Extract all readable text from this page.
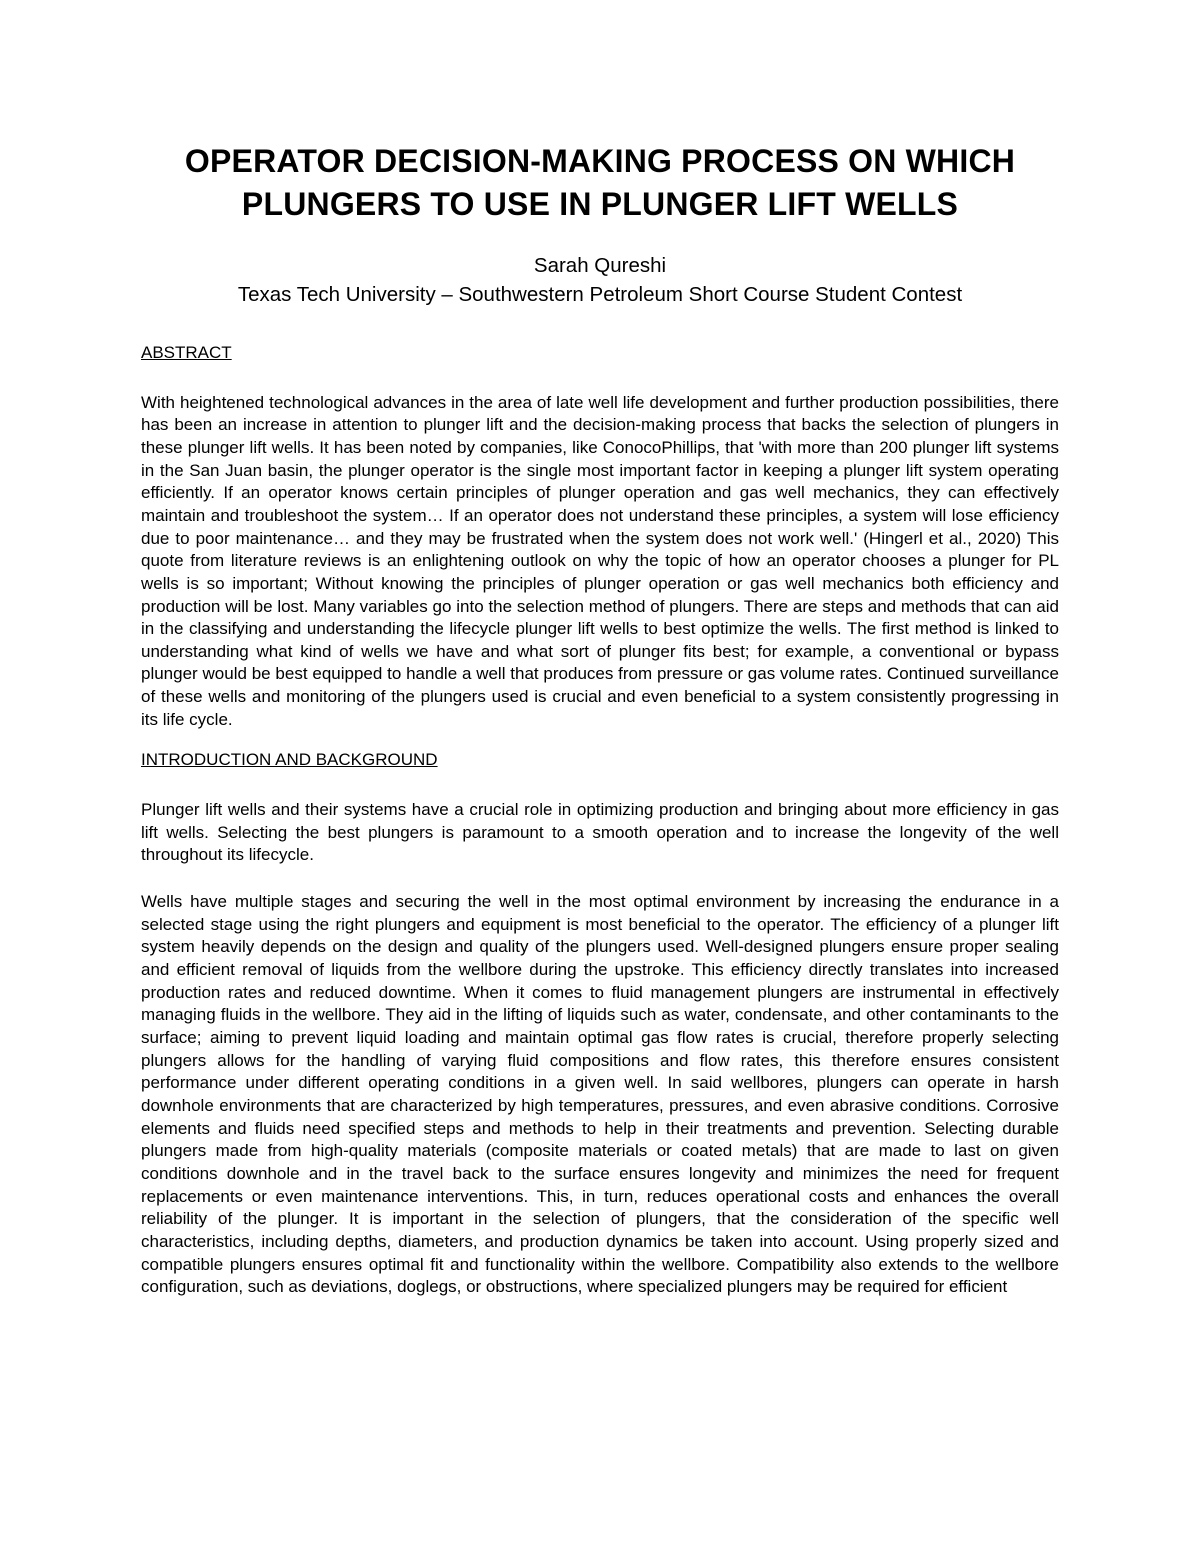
OPERATOR DECISION-MAKING PROCESS ON WHICH
PLUNGERS TO USE IN PLUNGER LIFT WELLS

Sarah Qureshi

Texas Tech University – Southwestern Petroleum Short Course Student Contest

ABSTRACT

With heightened technological advances in the area of late well life development and further production possibilities, there has been an increase in attention to plunger lift and the decision-making process that backs the selection of plungers in these plunger lift wells. It has been noted by companies, like ConocoPhillips, that 'with more than 200 plunger lift systems in the San Juan basin, the plunger operator is the single most important factor in keeping a plunger lift system operating efficiently. If an operator knows certain principles of plunger operation and gas well mechanics, they can effectively maintain and troubleshoot the system… If an operator does not understand these principles, a system will lose efficiency due to poor maintenance… and they may be frustrated when the system does not work well.' (Hingerl et al., 2020) This quote from literature reviews is an enlightening outlook on why the topic of how an operator chooses a plunger for PL wells is so important; Without knowing the principles of plunger operation or gas well mechanics both efficiency and production will be lost. Many variables go into the selection method of plungers. There are steps and methods that can aid in the classifying and understanding the lifecycle plunger lift wells to best optimize the wells. The first method is linked to understanding what kind of wells we have and what sort of plunger fits best; for example, a conventional or bypass plunger would be best equipped to handle a well that produces from pressure or gas volume rates. Continued surveillance of these wells and monitoring of the plungers used is crucial and even beneficial to a system consistently progressing in its life cycle.

INTRODUCTION AND BACKGROUND

Plunger lift wells and their systems have a crucial role in optimizing production and bringing about more efficiency in gas lift wells. Selecting the best plungers is paramount to a smooth operation and to increase the longevity of the well throughout its lifecycle.

Wells have multiple stages and securing the well in the most optimal environment by increasing the endurance in a selected stage using the right plungers and equipment is most beneficial to the operator. The efficiency of a plunger lift system heavily depends on the design and quality of the plungers used. Well-designed plungers ensure proper sealing and efficient removal of liquids from the wellbore during the upstroke. This efficiency directly translates into increased production rates and reduced downtime. When it comes to fluid management plungers are instrumental in effectively managing fluids in the wellbore. They aid in the lifting of liquids such as water, condensate, and other contaminants to the surface; aiming to prevent liquid loading and maintain optimal gas flow rates is crucial, therefore properly selecting plungers allows for the handling of varying fluid compositions and flow rates, this therefore ensures consistent performance under different operating conditions in a given well. In said wellbores, plungers can operate in harsh downhole environments that are characterized by high temperatures, pressures, and even abrasive conditions. Corrosive elements and fluids need specified steps and methods to help in their treatments and prevention. Selecting durable plungers made from high-quality materials (composite materials or coated metals) that are made to last on given conditions downhole and in the travel back to the surface ensures longevity and minimizes the need for frequent replacements or even maintenance interventions. This, in turn, reduces operational costs and enhances the overall reliability of the plunger. It is important in the selection of plungers, that the consideration of the specific well characteristics, including depths, diameters, and production dynamics be taken into account. Using properly sized and compatible plungers ensures optimal fit and functionality within the wellbore. Compatibility also extends to the wellbore configuration, such as deviations, doglegs, or obstructions, where specialized plungers may be required for efficient
